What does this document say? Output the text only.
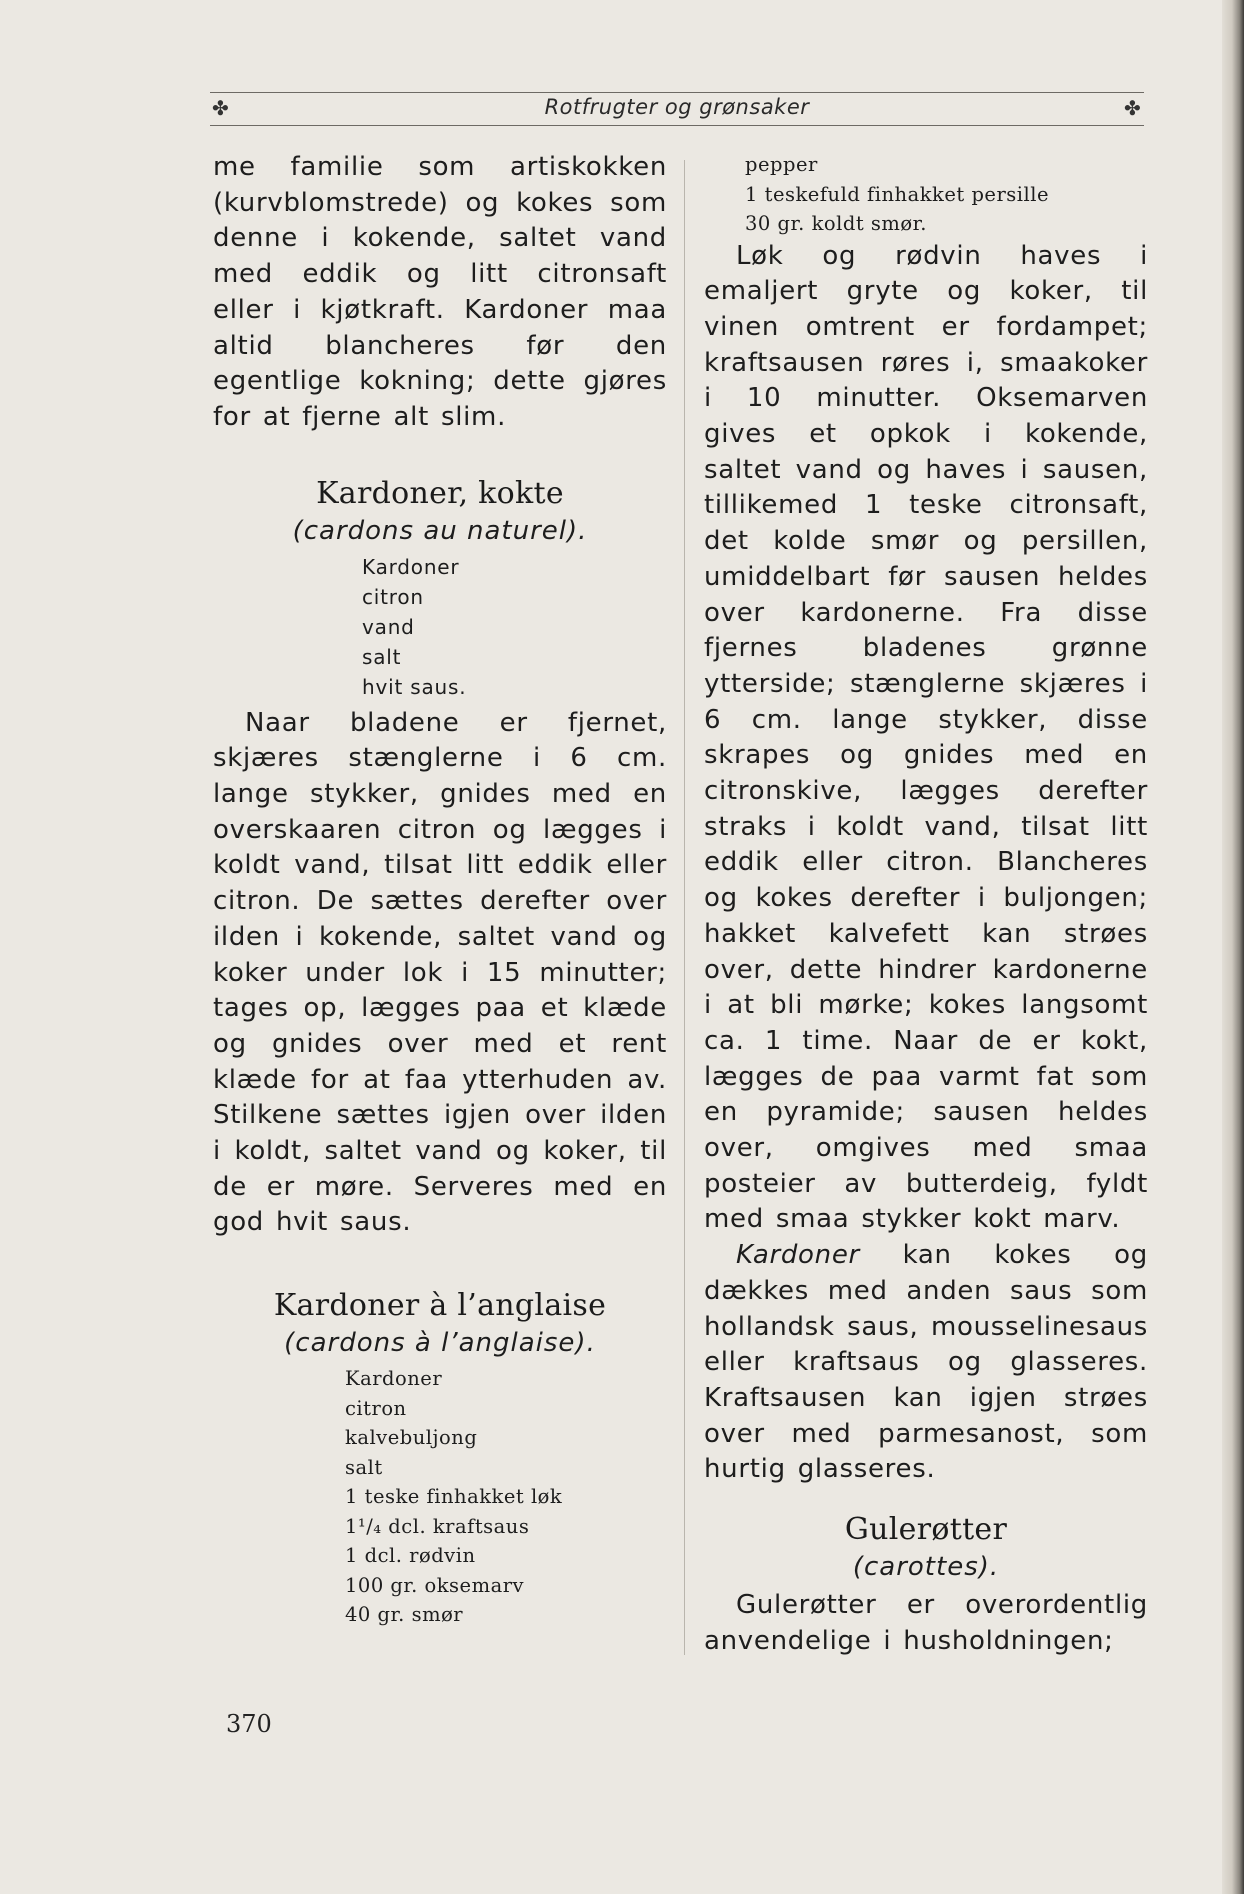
✤	Rotfrugter og grønsaker	✤

me familie som artiskokken (kurvblomstrede) og kokes som denne i kokende, saltet vand med eddik og litt citronsaft eller i kjøtkraft. Kardoner maa altid blancheres før den egentlige kokning; dette gjøres for at fjerne alt slim.

Kardoner, kokte

(cardons au naturel).

Kardoner
citron
vand
salt
hvit saus.

Naar bladene er fjernet, skjæres stænglerne i 6 cm. lange stykker, gnides med en overskaaren citron og lægges i koldt vand, tilsat litt eddik eller citron. De sættes derefter over ilden i kokende, saltet vand og koker under lok i 15 minutter; tages op, lægges paa et klæde og gnides over med et rent klæde for at faa ytterhuden av. Stilkene sættes igjen over ilden i koldt, saltet vand og koker, til de er møre. Serveres med en god hvit saus.

Kardoner à l’anglaise

(cardons à l’anglaise).

Kardoner
citron
kalvebuljong
salt
1 teske finhakket løk
1¹/₄ dcl. kraftsaus
1 dcl. rødvin
100 gr. oksemarv
40 gr. smør
pepper
1 teskefuld finhakket persille
30 gr. koldt smør.

Løk og rødvin haves i emaljert gryte og koker, til vinen omtrent er fordampet; kraftsausen røres i, smaakoker i 10 minutter. Oksemarven gives et opkok i kokende, saltet vand og haves i sausen, tillikemed 1 teske citronsaft, det kolde smør og persillen, umiddelbart før sausen heldes over kardonerne. Fra disse fjernes bladenes grønne ytterside; stænglerne skjæres i 6 cm. lange stykker, disse skrapes og gnides med en citronskive, lægges derefter straks i koldt vand, tilsat litt eddik eller citron. Blancheres og kokes derefter i buljongen; hakket kalvefett kan strøes over, dette hindrer kardonerne i at bli mørke; kokes langsomt ca. 1 time. Naar de er kokt, lægges de paa varmt fat som en pyramide; sausen heldes over, omgives med smaa posteier av butterdeig, fyldt med smaa stykker kokt marv.

Kardoner kan kokes og dækkes med anden saus som hollandsk saus, mousselinesaus eller kraftsaus og glasseres. Kraftsausen kan igjen strøes over med parmesanost, som hurtig glasseres.

Gulerøtter

(carottes).

Gulerøtter er overordentlig anvendelige i husholdningen;

370
